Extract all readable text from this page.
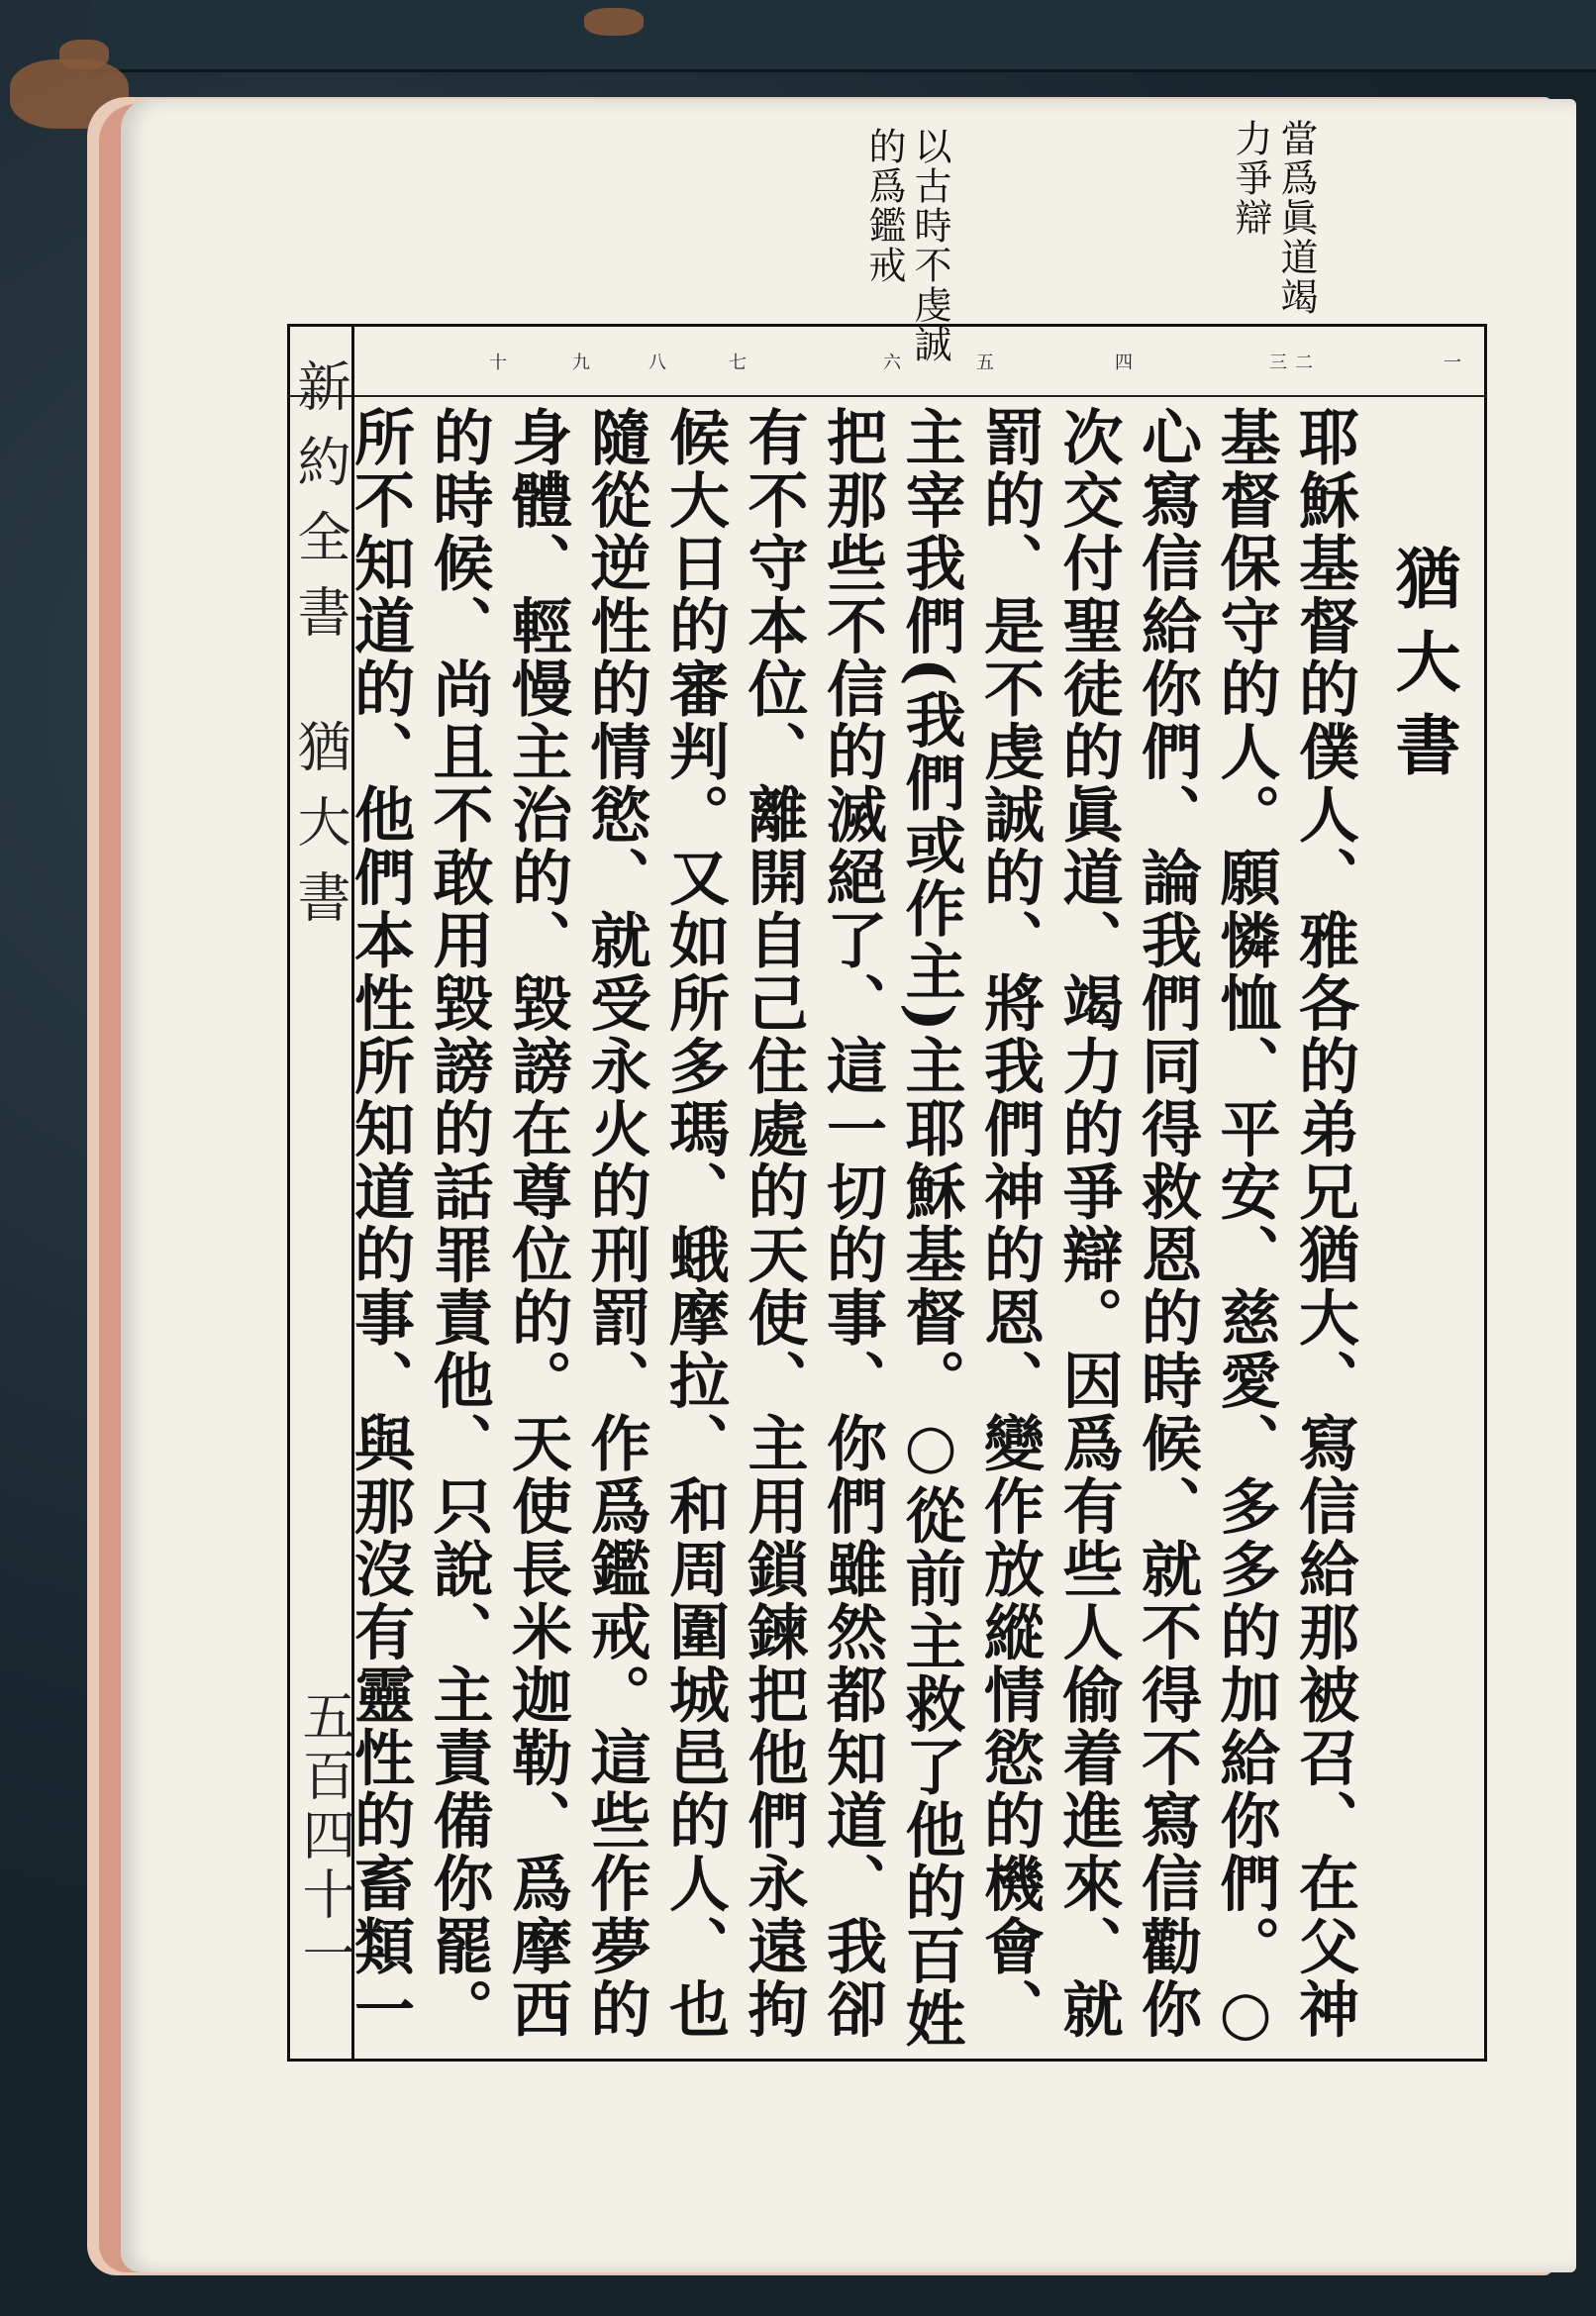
當爲眞道竭力爭辯
以古時不虔誠的爲鑑戒
一
二
三
四
五
六
七
八
九
十
猶大書
耶穌基督的僕人、雅各的弟兄猶大、寫信給那被召、在父神
基督保守的人。願憐恤、平安、慈愛、多多的加給你們。○
心寫信給你們、論我們同得救恩的時候、就不得不寫信勸你
次交付聖徒的眞道、竭力的爭辯。因爲有些人偷着進來、就
罰的、是不虔誠的、將我們神的恩、變作放縱情慾的機會、
主宰我們(我們或作主)主耶穌基督。○從前主救了他的百姓
把那些不信的滅絕了、這一切的事、你們雖然都知道、我卻
有不守本位、離開自己住處的天使、主用鎖鍊把他們永遠拘
候大日的審判。又如所多瑪、蛾摩拉、和周圍城邑的人、也
隨從逆性的情慾、就受永火的刑罰、作爲鑑戒。這些作夢的
身體、輕慢主治的、毀謗在尊位的。天使長米迦勒、爲摩西
的時候、尚且不敢用毀謗的話罪責他、只說、主責備你罷。
所不知道的、他們本性所知道的事、與那沒有靈性的畜類一
新約全書猶大書
五百四十一
